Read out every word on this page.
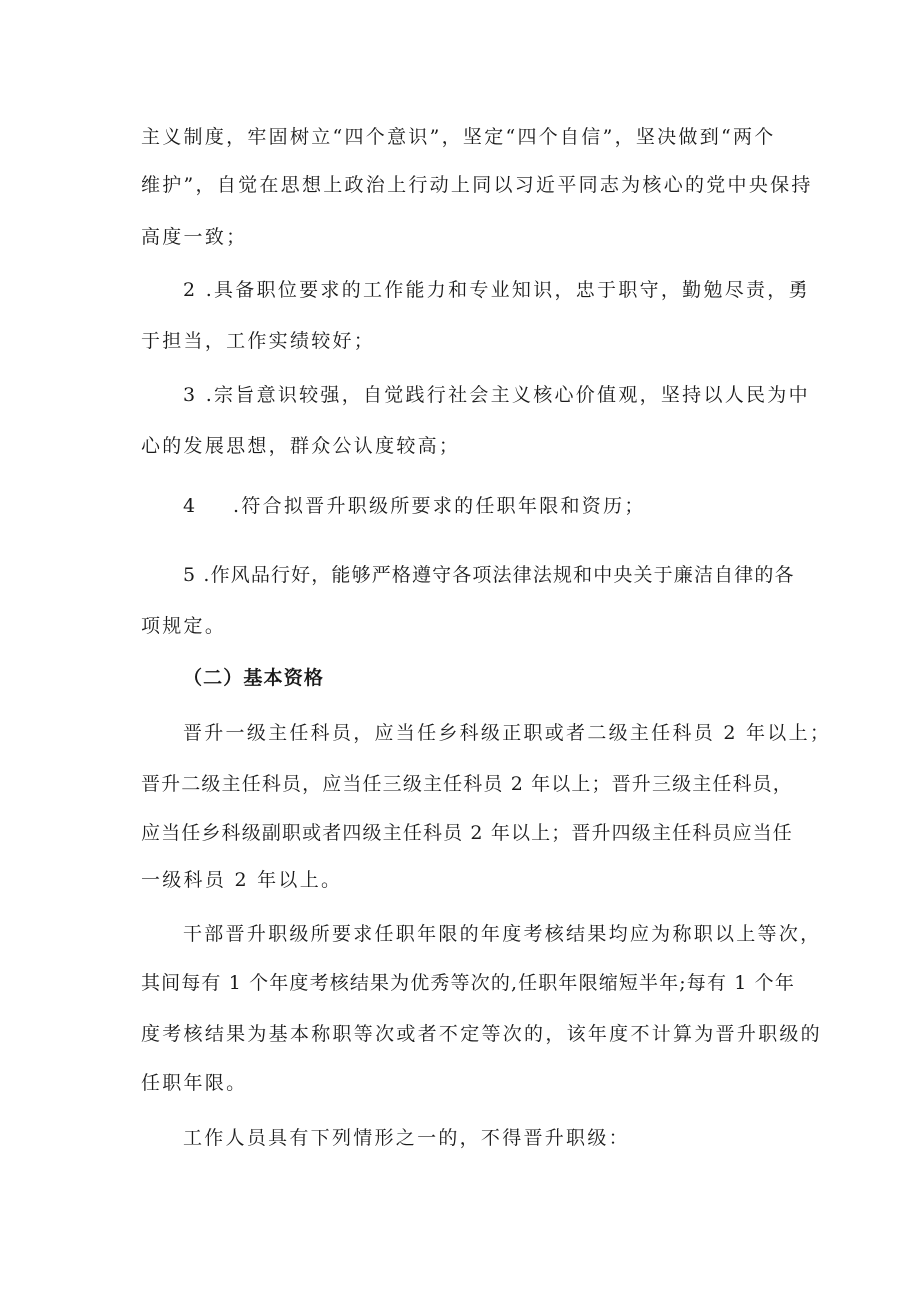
主义制度，牢固树立“四个意识”，坚定“四个自信”，坚决做到“两个
维护”，自觉在思想上政治上行动上同以习近平同志为核心的党中央保持
高度一致；
2 .具备职位要求的工作能力和专业知识，忠于职守，勤勉尽责，勇
于担当，工作实绩较好；
3 .宗旨意识较强，自觉践行社会主义核心价值观，坚持以人民为中
心的发展思想，群众公认度较高；
4 .符合拟晋升职级所要求的任职年限和资历；
5 .作风品行好，能够严格遵守各项法律法规和中央关于廉洁自律的各
项规定。
（二）基本资格
晋升一级主任科员，应当任乡科级正职或者二级主任科员 2 年以上；
晋升二级主任科员，应当任三级主任科员 2 年以上；晋升三级主任科员，
应当任乡科级副职或者四级主任科员 2 年以上；晋升四级主任科员应当任
一级科员 2 年以上。
干部晋升职级所要求任职年限的年度考核结果均应为称职以上等次，
其间每有 1 个年度考核结果为优秀等次的,任职年限缩短半年;每有 1 个年
度考核结果为基本称职等次或者不定等次的，该年度不计算为晋升职级的
任职年限。
工作人员具有下列情形之一的，不得晋升职级：
